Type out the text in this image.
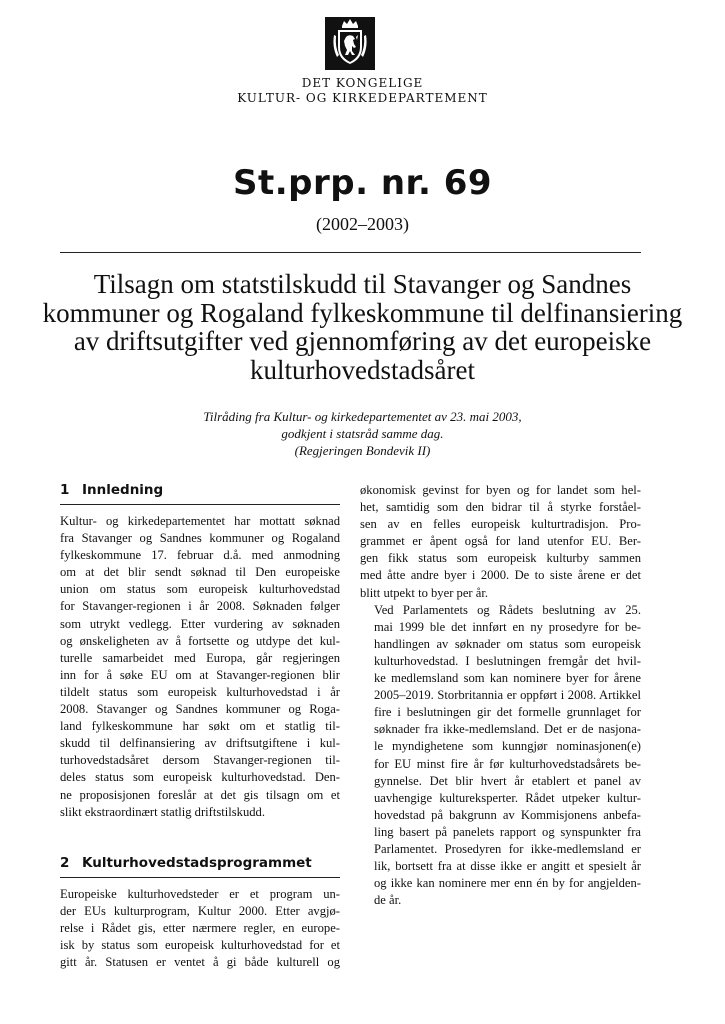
DET KONGELIGE
KULTUR- OG KIRKEDEPARTEMENT
St.prp. nr. 69
(2002–2003)
Tilsagn om statstilskudd til Stavanger og Sandnes kommuner og Rogaland fylkeskommune til delfinansiering av driftsutgifter ved gjennomføring av det europeiske kulturhovedstadsåret
Tilråding fra Kultur- og kirkedepartementet av 23. mai 2003,
godkjent i statsråd samme dag.
(Regjeringen Bondevik II)
1 Innledning

Kultur- og kirkedepartementet har mottatt søknad
fra Stavanger og Sandnes kommuner og Rogaland
fylkeskommune 17. februar d.å. med anmodning
om at det blir sendt søknad til Den europeiske
union om status som europeisk kulturhovedstad
for Stavanger-regionen i år 2008. Søknaden følger
som utrykt vedlegg. Etter vurdering av søknaden
og ønskeligheten av å fortsette og utdype det kul-
turelle samarbeidet med Europa, går regjeringen
inn for å søke EU om at Stavanger-regionen blir
tildelt status som europeisk kulturhovedstad i år
2008. Stavanger og Sandnes kommuner og Roga-
land fylkeskommune har søkt om et statlig til-
skudd til delfinansiering av driftsutgiftene i kul-
turhovedstadsåret dersom Stavanger-regionen til-
deles status som europeisk kulturhovedstad. Den-
ne proposisjonen foreslår at det gis tilsagn om et
slikt ekstraordinært statlig driftstilskudd.

2 Kulturhovedstadsprogrammet

Europeiske kulturhovedsteder er et program un-
der EUs kulturprogram, Kultur 2000. Etter avgjø-
relse i Rådet gis, etter nærmere regler, en europe-
isk by status som europeisk kulturhovedstad for et
gitt år. Statusen er ventet å gi både kulturell og

økonomisk gevinst for byen og for landet som hel-
het, samtidig som den bidrar til å styrke forståel-
sen av en felles europeisk kulturtradisjon. Pro-
grammet er åpent også for land utenfor EU. Ber-
gen fikk status som europeisk kulturby sammen
med åtte andre byer i 2000. De to siste årene er det
blitt utpekt to byer per år.

Ved Parlamentets og Rådets beslutning av 25.
mai 1999 ble det innført en ny prosedyre for be-
handlingen av søknader om status som europeisk
kulturhovedstad. I beslutningen fremgår det hvil-
ke medlemsland som kan nominere byer for årene
2005–2019. Storbritannia er oppført i 2008. Artikkel
fire i beslutningen gir det formelle grunnlaget for
søknader fra ikke-medlemsland. Det er de nasjona-
le myndighetene som kunngjør nominasjonen(e)
for EU minst fire år før kulturhovedstadsårets be-
gynnelse. Det blir hvert år etablert et panel av
uavhengige kultureksperter. Rådet utpeker kultur-
hovedstad på bakgrunn av Kommisjonens anbefa-
ling basert på panelets rapport og synspunkter fra
Parlamentet. Prosedyren for ikke-medlemsland er
lik, bortsett fra at disse ikke er angitt et spesielt år
og ikke kan nominere mer enn én by for angjelden-
de år.
